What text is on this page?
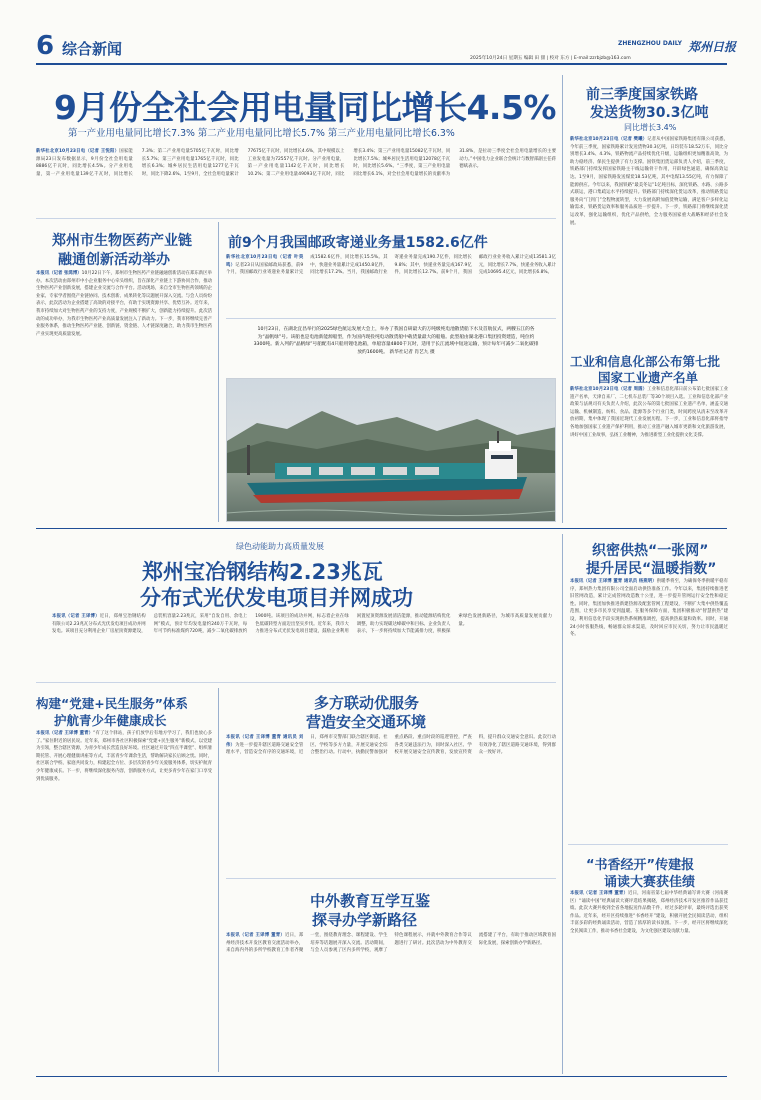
6 综合新闻	ZHENGZHOU DAILY 郑州日报
2025年10月24日 星期五 编辑 田 甜 | 校对 东方 | E-mail:zzrbjzb@163.com
9月份全社会用电量同比增长4.5%
第一产业用电量同比增长7.3% 第二产业用电量同比增长5.7% 第三产业用电量同比增长6.3%
新华社北京10月23日电（记者 王悦阳）国家能源局23日发布数据显示，9月份全社会用电量8886亿千瓦时，同比增长4.5%。分产业用电量，第一产业用电量139亿千瓦时，同比增长7.3%；第二产业用电量5705亿千瓦时，同比增长5.7%；第三产业用电量1765亿千瓦时，同比增长6.3%；城乡居民生活用电量1277亿千瓦时，同比下降2.6%。1至9月，全社会用电量累计77675亿千瓦时，同比增长4.6%，其中规模以上工业发电量为72557亿千瓦时。分产业用电量，第一产业用电量1142亿千瓦时，同比增长10.2%；第二产业用电量49093亿千瓦时，同比增长3.4%；第三产业用电量15082亿千瓦时，同比增长7.5%；城乡居民生活用电量12078亿千瓦时，同比增长5.6%。“三季度，第三产业用电量同比增长6.1%，对全社会用电量增长的贡献率为31.8%，是拉动三季度全社会用电量增长的主要动力。”中国电力企业联合会统计与数智部副主任蒋德斌表示。
前三季度国家铁路
发送货物30.3亿吨
同比增长3.4%
新华社北京10月23日电（记者 樊曦）记者从中国国家铁路集团有限公司获悉，今年前三季度，国家铁路累计发送货物30.3亿吨，日均装车18.52万车，同比分别增长3.4%、4.3%，铁路物流产品持续优化升级，运输组织更加精准高效，为助力稳经济、保民生提供了有力支撑。国铁集团货运部负责人介绍，前三季度，铁路部门持续发挥国家铁路主干线运输骨干作用，开辟绿色通道，确保高效运达。1至9月，国家铁路发送煤炭18.53亿吨，其中电煤13.55亿吨，有力保障了能源供应。今年以来，我国铁路“最美冬运”1亿吨目标，深化铁路、水路、公路多式联运，港口集疏运水平持续提升。铁路部门持续深化货运改革，推动铁路货运服务向“门到门”全程物流转型，大力发展高附加值货物运输，满足客户多样化运输需求，铁路货运效率和服务品质进一步提升。下一步，铁路部门将继续深化货运改革，强化运输组织，优化产品供给，全力服务国家重大战略和经济社会发展。
郑州市生物医药产业链
融通创新活动举办
本报讯（记者 张鸿博）10月22日下午，郑州市生物医药产业链融通创新活动在郑东新区举办。本次活动由郑州市中小企业服务中心牵头组织，旨在深化产业链上下游协同合作，推动生物医药产业创新发展，搭建企业交流与合作平台。活动现场，来自全市生物医药领域的企业家、专家学者围绕产业链协同、技术创新、成果转化等议题展开深入交流。与会人员纷纷表示，此次活动为企业搭建了高效的对接平台，有助于实现资源共享、优势互补。近年来，我市持续加大对生物医药产业的支持力度，产业规模不断扩大，创新能力持续提升。此次活动的成功举办，为我市生物医药产业高质量发展注入了新动力。下一步，我市将继续完善产业服务体系，推动生物医药产业链、创新链、资金链、人才链深度融合，助力我市生物医药产业实现更高质量发展。
前9个月我国邮政寄递业务量1582.6亿件
新华社北京10月23日电（记者 叶昊鸣）记者23日从国家邮政局获悉，前9个月，我国邮政行业寄递业务量累计完成1582.6亿件，同比增长15.5%。其中，快递业务量累计完成1450.8亿件，同比增长17.2%。当月，我国邮政行业寄递业务量完成190.7亿件，同比增长9.8%；其中，快递业务量完成167.9亿件，同比增长12.7%。前9个月，我国邮政行业业务收入累计完成13581.3亿元，同比增长7.7%，快递业务收入累计完成10695.4亿元，同比增长6.8%。
10月23日，在湖北宜昌举行的2025绿色航运发展大会上，举办了我国自研最大的万吨级纯电池散货船下水及首航仪式，两艘五江的各为“晶帆绿”号。该船也是电池新能源船型，作为国内现役纯电动散货船中载货量最大的船舶。此型船由湖北港口集团投资建造，吨位约3300吨。新入列的“晶帆绿”号船配有4只船用锂电池箱，单船容量4800千瓦时，适用于长江流域中短途运输，预计每年可减少二氧化碳排放约1600吨。 新华社记者 肖艺九 摄
工业和信息化部公布第七批
国家工业遗产名单
新华社北京10月23日电（记者 周圆）工业和信息化部日前公布第七批国家工业遗产名单，天津自来厂、二七机车总装厂等30个项目入选。工业和信息化部产业政策与法规司有关负责人介绍，此次公布的第七批国家工业遗产名单，涵盖交通运输、机械制造、纺织、食品、能源等多个行业门类，时间跨度从清末至改革开放初期，集中体现了我国近现代工业发展历程。下一步，工业和信息化部将指导各地加强国家工业遗产保护利用，推动工业遗产融入城市更新和文化旅游发展，讲好中国工业故事，弘扬工业精神，为推进新型工业化提供文化支撑。
绿色动能助力高质量发展
郑州宝冶钢结构2.23兆瓦
分布式光伏发电项目并网成功
本报讯（记者 王译博）近日，郑州宝冶钢结构有限公司2.23兆瓦分布式光伏发电项目成功并网发电。该项目充分利用企业厂房屋顶资源建设，总装机容量2.23兆瓦，采用“自发自用、余电上网”模式，预计年均发电量约240万千瓦时，每年可节约标准煤约720吨，减少二氧化碳排放约1900吨。该项目的成功并网，标志着企业在绿色低碳转型方面迈出坚实步伐。近年来，我市大力推进分布式光伏发电项目建设，鼓励企业利用闲置屋顶资源发展清洁能源，推动能源结构优化调整，助力实现碳达峰碳中和目标。企业负责人表示，下一步将持续加大节能减排力度，积极探索绿色发展新路径，为城市高质量发展贡献力量。
织密供热“一张网”
提升居民“温暖指数”
本报讯（记者 王译博 董青 通讯员 杨燕明）供暖季将至，为确保冬季供暖平稳有序，郑州热力集团有限公司全面启动供热准备工作。今年以来，集团持续推进老旧管网改造，累计完成管网改造数十公里，进一步提升管网运行安全性和稳定性。同时，集团加快推进新建热源及配套管网工程建设，不断扩大集中供热覆盖范围，让更多市民享受到温暖。在服务保障方面，集团积极推动“智慧供热”建设，利用信息化手段实现供热系统精准调控，提高供热质量和效率。同时，开通24小时客服热线，畅通群众诉求渠道，及时回应市民关切，努力让市民温暖过冬。
构建“党建+民生服务”体系
护航青少年健康成长
本报讯（记者 王译博 董青）“有了这个驿站，孩子们放学后有地方学习了，我们也放心多了。”家住附近的居民说。近年来，郑州市各社区积极探索“党建+民生服务”新模式，以党建为引领，整合辖区资源，为青少年成长营造良好环境。社区通过开设“四点半课堂”、组织暑期托管、开展心理健康讲座等方式，丰富青少年课余生活，帮助解决家长后顾之忧。同时，社区联合学校、家庭共同发力，构建起全方位、多层次的青少年关爱服务体系，切实护航青少年健康成长。下一步，将继续深化服务内容，创新服务方式，让更多青少年在家门口享受到优质服务。
多方联动优服务
营造安全交通环境
本报讯（记者 王译博 董青 通讯员 刘伟）为进一步提升辖区道路交通安全管理水平，营造安全有序的交通环境，近日，郑州市交警部门联合辖区街道、社区、学校等多方力量，开展交通安全综合整治行动。行动中，执勤民警加强对重点路段、重点时段的巡逻管控，严查各类交通违法行为，同时深入社区、学校开展交通安全宣传教育，发放宣传资料，提升群众交通安全意识。此次行动有效净化了辖区道路交通环境，得到群众一致好评。
中外教育互学互鉴
探寻办学新路径
本报讯（记者 王译博 董青）近日，郑州经济技术开发区教育交流活动举办，来自海内外的多所学校教育工作者齐聚一堂，围绕教育理念、课程建设、学生培养等话题展开深入交流。活动期间，与会人员参观了区内多所学校，观摩了特色课程展示，并就中外教育合作等议题进行了研讨。此次活动为中外教育交流搭建了平台，有助于推动区域教育国际化发展，探索创新办学新路径。
“书香经开”传建报
诵读大赛获佳绩
本报讯（记者 王译博 董青）近日，河南省第七届中华经典诵写讲大赛（河南赛区）“诵读中国”经典诵读大赛评选结果揭晓，郑州经济技术开发区推荐作品获佳绩。此次大赛共收到全省各地报送作品数千件，经过多轮评审，最终评选出获奖作品。近年来，经开区持续推进“书香经开”建设，积极开展全民阅读活动，组织丰富多彩的经典诵读活动，营造了浓厚的读书氛围。下一步，经开区将继续深化全民阅读工作，推动书香社会建设，为文化强区建设贡献力量。
